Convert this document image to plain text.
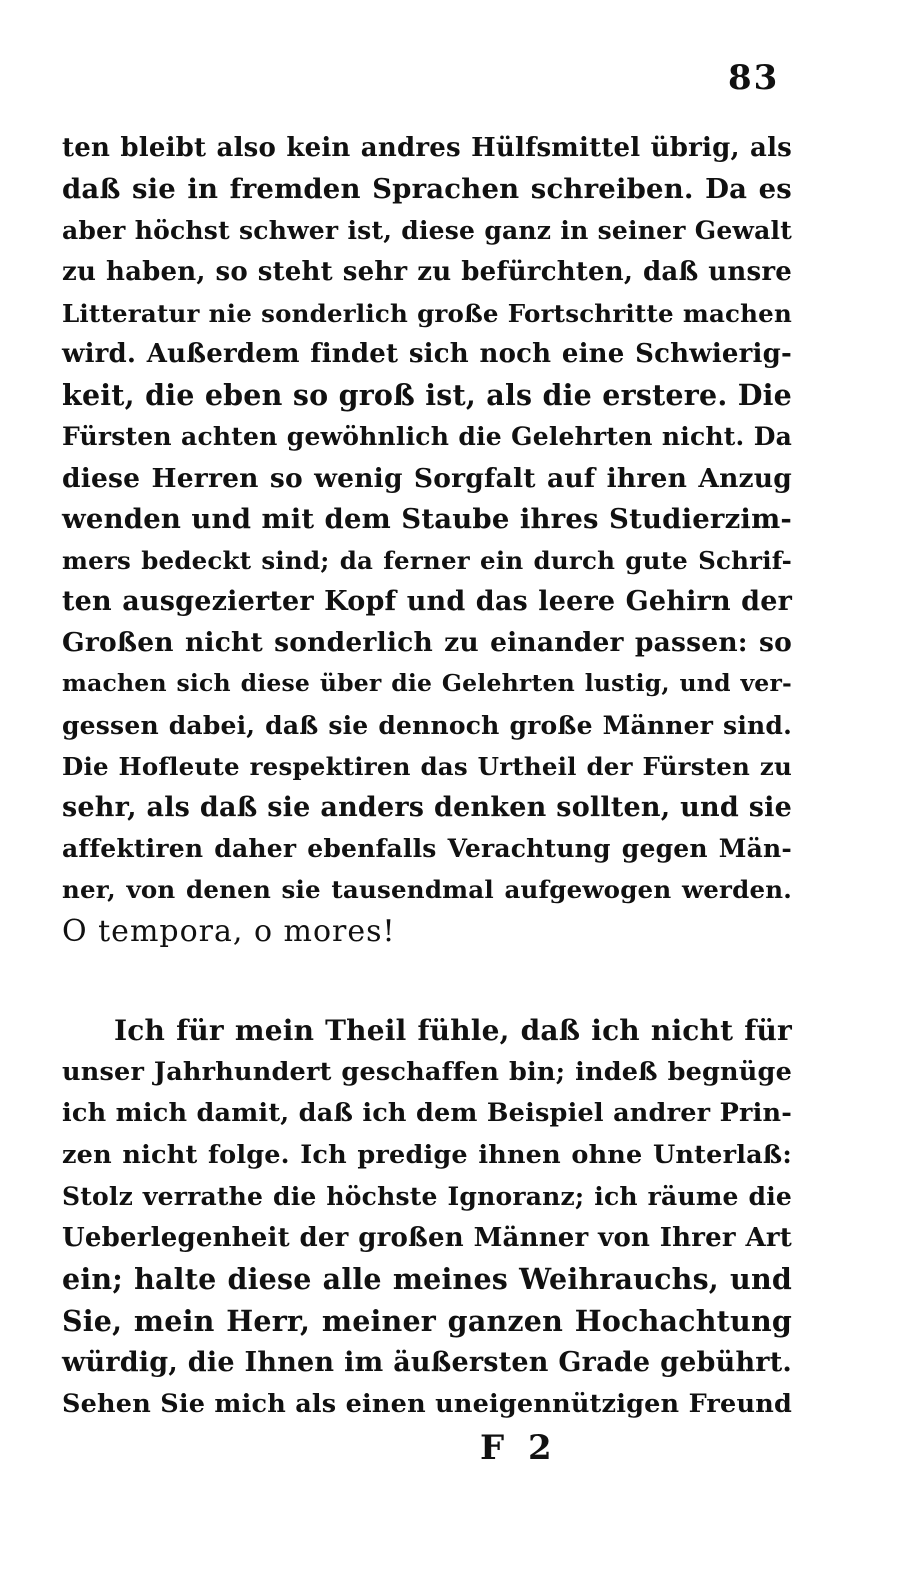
83
ten bleibt also kein andres Hülfsmittel übrig, als
daß sie in fremden Sprachen schreiben. Da es
aber höchst schwer ist, diese ganz in seiner Gewalt
zu haben, so steht sehr zu befürchten, daß unsre
Litteratur nie sonderlich große Fortschritte machen
wird. Außerdem findet sich noch eine Schwierig-
keit, die eben so groß ist, als die erstere. Die
Fürsten achten gewöhnlich die Gelehrten nicht. Da
diese Herren so wenig Sorgfalt auf ihren Anzug
wenden und mit dem Staube ihres Studierzim-
mers bedeckt sind; da ferner ein durch gute Schrif-
ten ausgezierter Kopf und das leere Gehirn der
Großen nicht sonderlich zu einander passen: so
machen sich diese über die Gelehrten lustig, und ver-
gessen dabei, daß sie dennoch große Männer sind.
Die Hofleute respektiren das Urtheil der Fürsten zu
sehr, als daß sie anders denken sollten, und sie
affektiren daher ebenfalls Verachtung gegen Män-
ner, von denen sie tausendmal aufgewogen werden.
O tempora, o mores!
Ich für mein Theil fühle, daß ich nicht für
unser Jahrhundert geschaffen bin; indeß begnüge
ich mich damit, daß ich dem Beispiel andrer Prin-
zen nicht folge. Ich predige ihnen ohne Unterlaß:
Stolz verrathe die höchste Ignoranz; ich räume die
Ueberlegenheit der großen Männer von Ihrer Art
ein; halte diese alle meines Weihrauchs, und
Sie, mein Herr, meiner ganzen Hochachtung
würdig, die Ihnen im äußersten Grade gebührt.
Sehen Sie mich als einen uneigennützigen Freund
F 2
